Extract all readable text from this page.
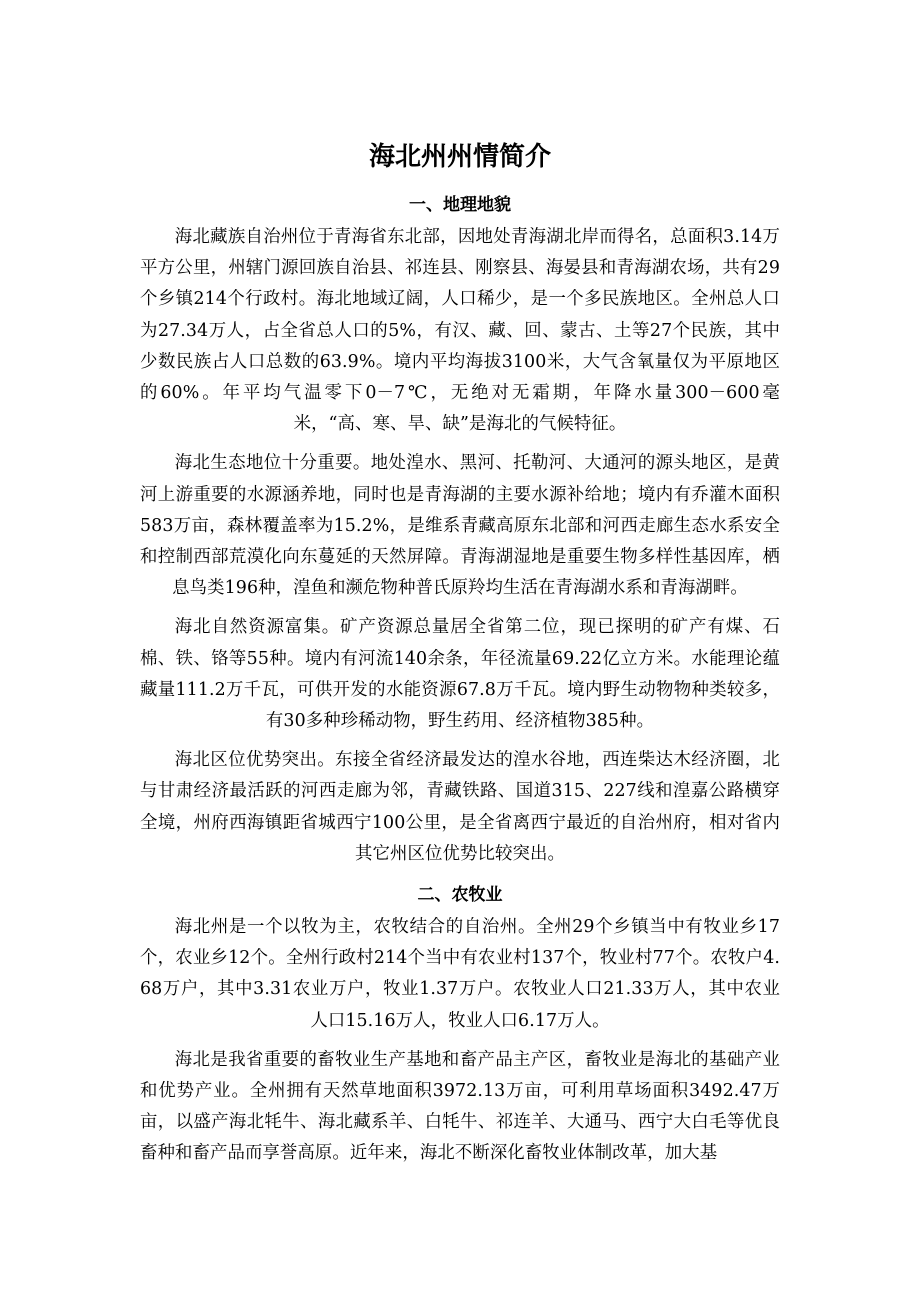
海北州州情简介
一、地理地貌

海北藏族自治州位于青海省东北部，因地处青海湖北岸而得名，总面积3.14万平方公里，州辖门源回族自治县、祁连县、刚察县、海晏县和青海湖农场，共有29个乡镇214个行政村。海北地域辽阔，人口稀少，是一个多民族地区。全州总人口为27.34万人，占全省总人口的5%，有汉、藏、回、蒙古、土等27个民族，其中少数民族占人口总数的63.9%。境内平均海拔3100米，大气含氧量仅为平原地区的60%。年平均气温零下0－7℃，无绝对无霜期，年降水量300－600毫米，“高、寒、旱、缺”是海北的气候特征。

海北生态地位十分重要。地处湟水、黑河、托勒河、大通河的源头地区，是黄河上游重要的水源涵养地，同时也是青海湖的主要水源补给地；境内有乔灌木面积583万亩，森林覆盖率为15.2%，是维系青藏高原东北部和河西走廊生态水系安全和控制西部荒漠化向东蔓延的天然屏障。青海湖湿地是重要生物多样性基因库，栖息鸟类196种，湟鱼和濒危物种普氏原羚均生活在青海湖水系和青海湖畔。

海北自然资源富集。矿产资源总量居全省第二位，现已探明的矿产有煤、石棉、铁、铬等55种。境内有河流140余条，年径流量69.22亿立方米。水能理论蕴藏量111.2万千瓦，可供开发的水能资源67.8万千瓦。境内野生动物物种类较多，有30多种珍稀动物，野生药用、经济植物385种。

海北区位优势突出。东接全省经济最发达的湟水谷地，西连柴达木经济圈，北与甘肃经济最活跃的河西走廊为邻，青藏铁路、国道315、227线和湟嘉公路横穿全境，州府西海镇距省城西宁100公里，是全省离西宁最近的自治州府，相对省内其它州区位优势比较突出。

二、农牧业

海北州是一个以牧为主，农牧结合的自治州。全州29个乡镇当中有牧业乡17个，农业乡12个。全州行政村214个当中有农业村137个，牧业村77个。农牧户4.68万户，其中3.31农业万户，牧业1.37万户。农牧业人口21.33万人，其中农业人口15.16万人，牧业人口6.17万人。

海北是我省重要的畜牧业生产基地和畜产品主产区，畜牧业是海北的基础产业和优势产业。全州拥有天然草地面积3972.13万亩，可利用草场面积3492.47万亩，以盛产海北牦牛、海北藏系羊、白牦牛、祁连羊、大通马、西宁大白毛等优良畜种和畜产品而享誉高原。近年来，海北不断深化畜牧业体制改革，加大基
